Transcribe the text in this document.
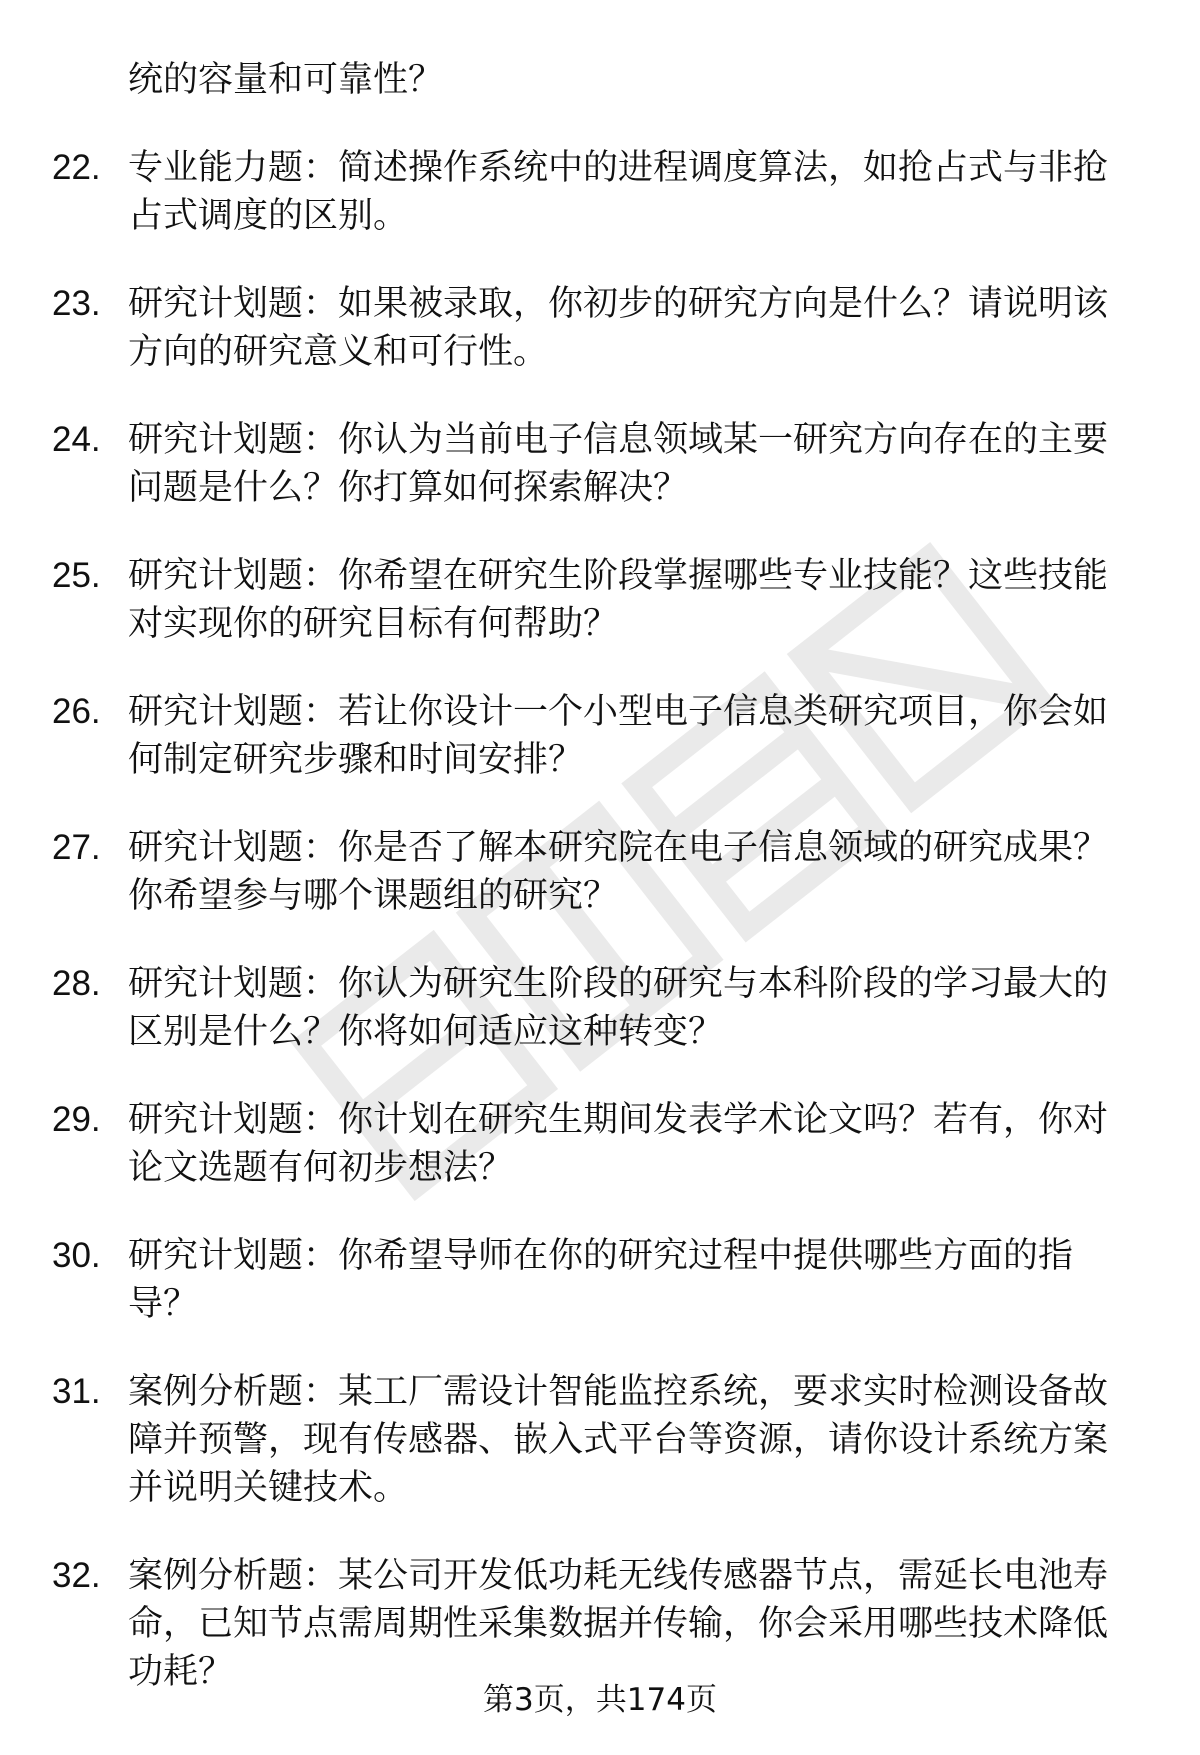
统的容量和可靠性？
22. 专业能力题：简述操作系统中的进程调度算法，如抢占式与非抢占式调度的区别。
23. 研究计划题：如果被录取，你初步的研究方向是什么？请说明该方向的研究意义和可行性。
24. 研究计划题：你认为当前电子信息领域某一研究方向存在的主要问题是什么？你打算如何探索解决？
25. 研究计划题：你希望在研究生阶段掌握哪些专业技能？这些技能对实现你的研究目标有何帮助？
26. 研究计划题：若让你设计一个小型电子信息类研究项目，你会如何制定研究步骤和时间安排？
27. 研究计划题：你是否了解本研究院在电子信息领域的研究成果？你希望参与哪个课题组的研究？
28. 研究计划题：你认为研究生阶段的研究与本科阶段的学习最大的区别是什么？你将如何适应这种转变？
29. 研究计划题：你计划在研究生期间发表学术论文吗？若有，你对论文选题有何初步想法？
30. 研究计划题：你希望导师在你的研究过程中提供哪些方面的指导？
31. 案例分析题：某工厂需设计智能监控系统，要求实时检测设备故障并预警，现有传感器、嵌入式平台等资源，请你设计系统方案并说明关键技术。
32. 案例分析题：某公司开发低功耗无线传感器节点，需延长电池寿命，已知节点需周期性采集数据并传输，你会采用哪些技术降低功耗？
第3页，共174页
